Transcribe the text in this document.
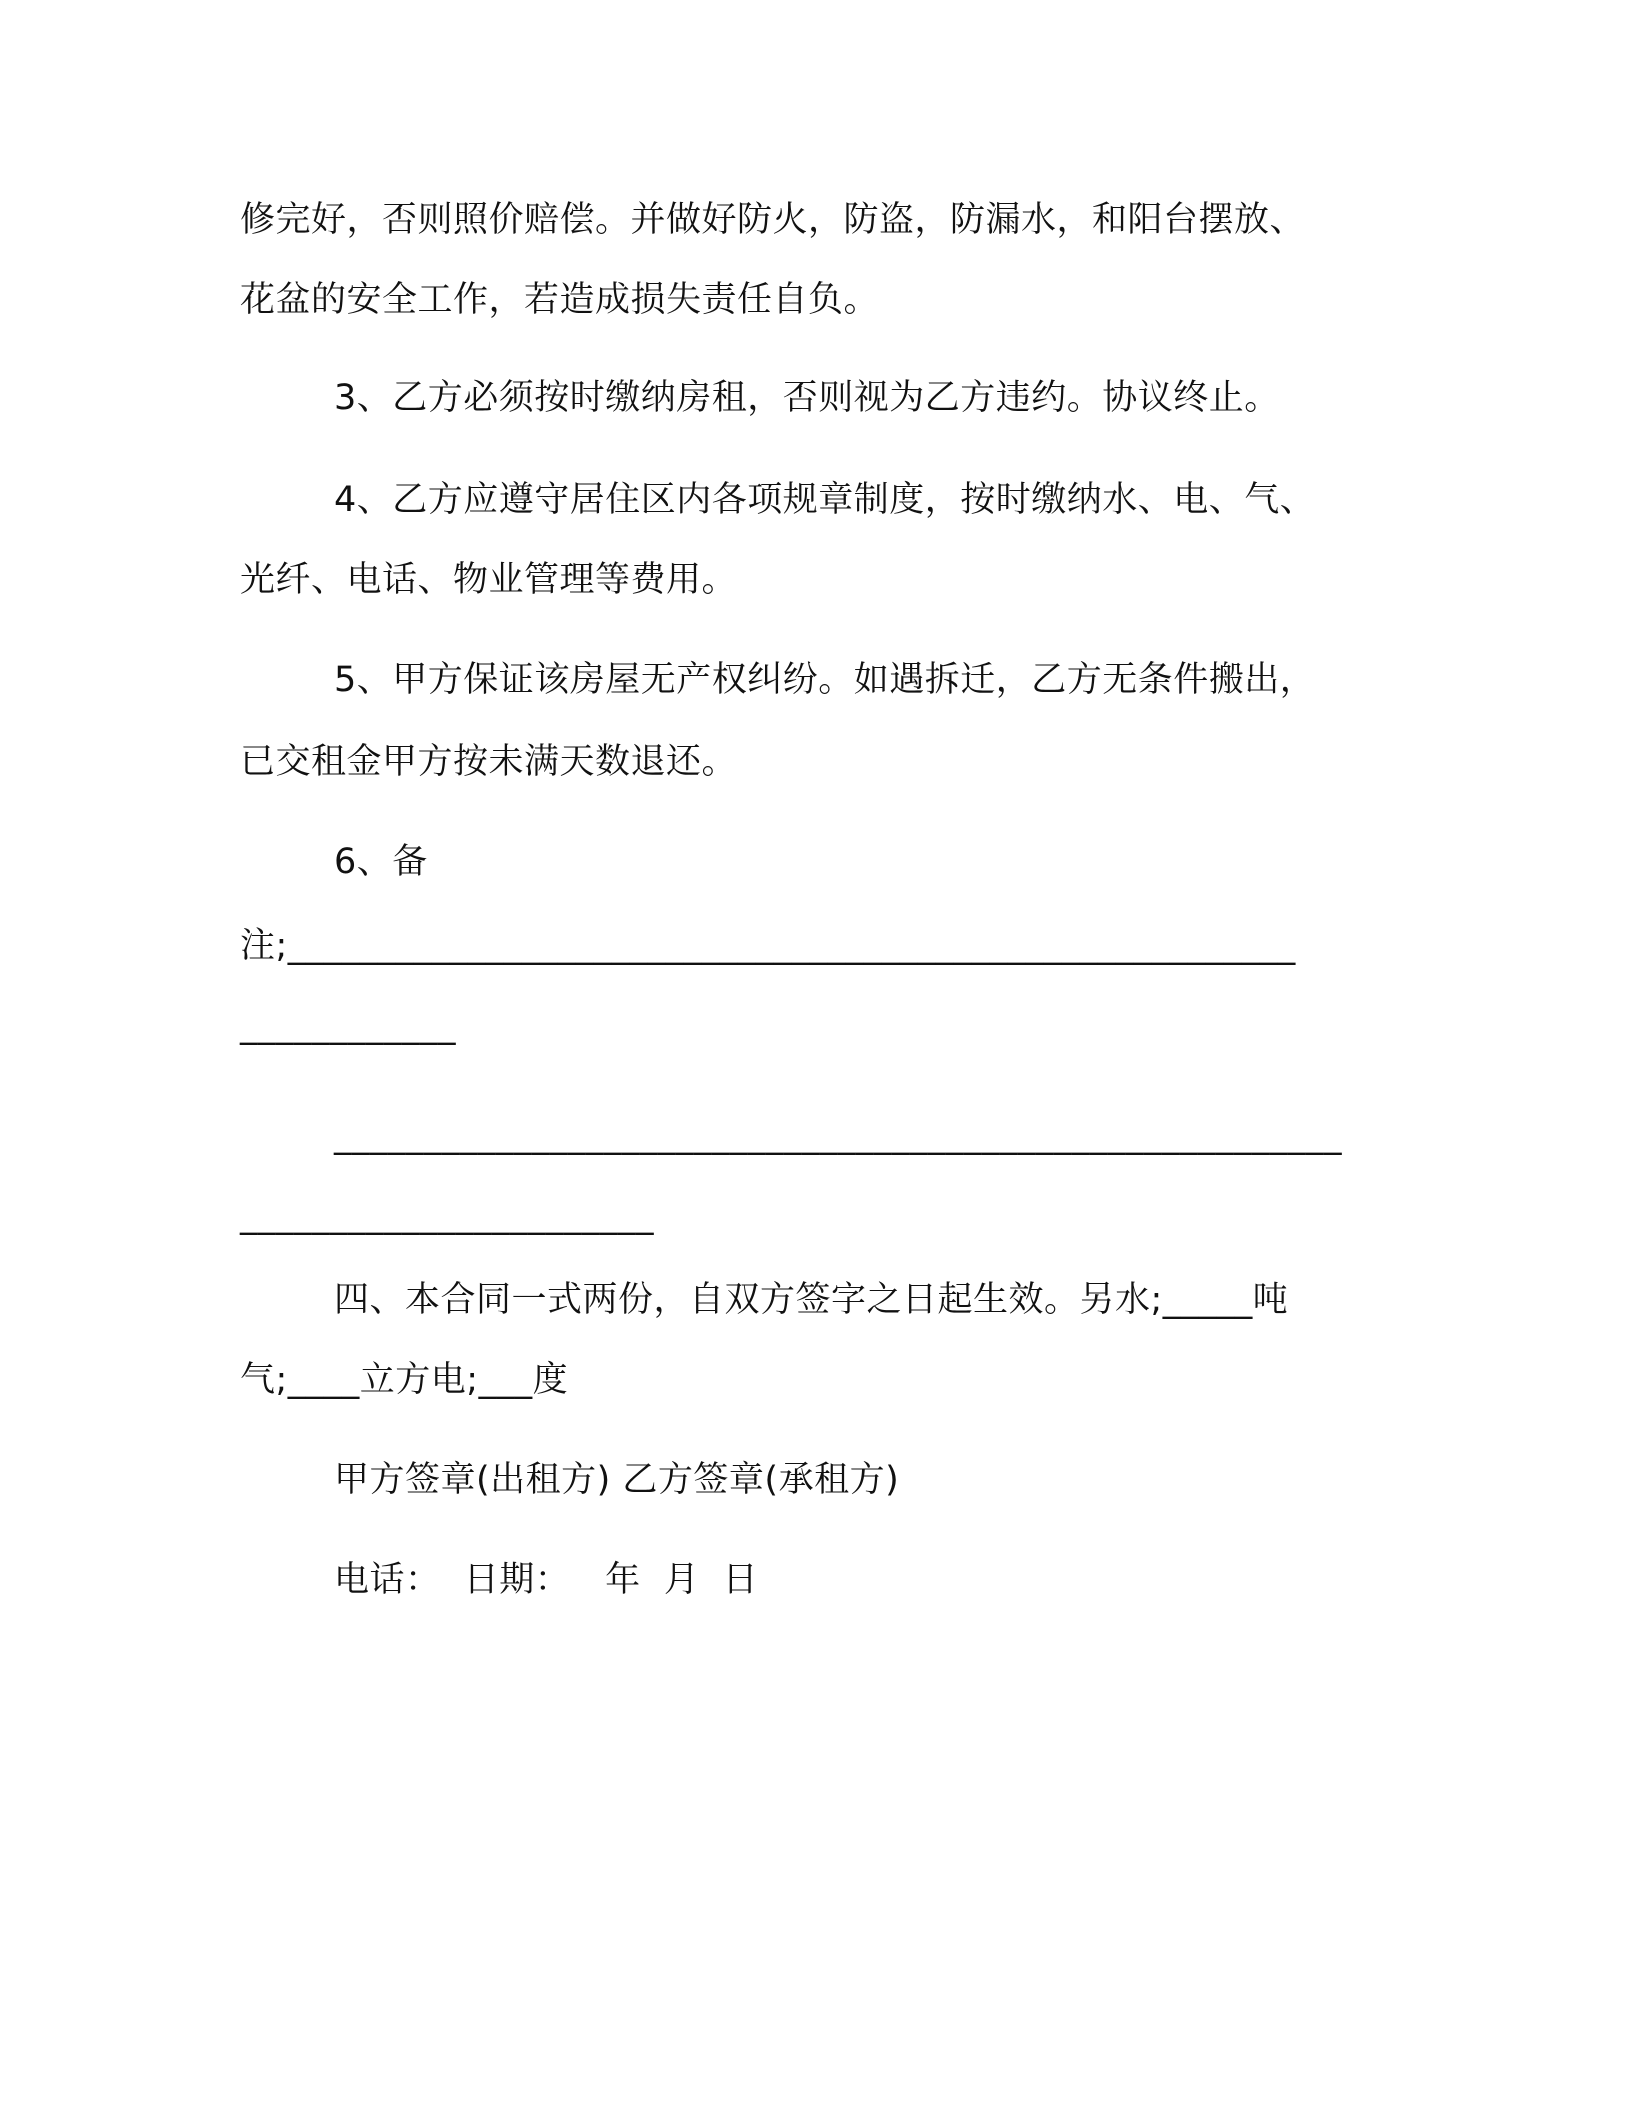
修完好，否则照价赔偿。并做好防火，防盗，防漏水，和阳台摆放、
花盆的安全工作，若造成损失责任自负。
3、乙方必须按时缴纳房租，否则视为乙方违约。协议终止。
4、乙方应遵守居住区内各项规章制度，按时缴纳水、电、气、
光纤、电话、物业管理等费用。
5、甲方保证该房屋无产权纠纷。如遇拆迁，乙方无条件搬出，
已交租金甲方按未满天数退还。
6、备
注;________________________________________________________
____________
________________________________________________________
_______________________
四、本合同一式两份，自双方签字之日起生效。另水;_____吨
气;____立方电;___度
甲方签章(出租方) 乙方签章(承租方)
电话：  日期：   年  月  日
